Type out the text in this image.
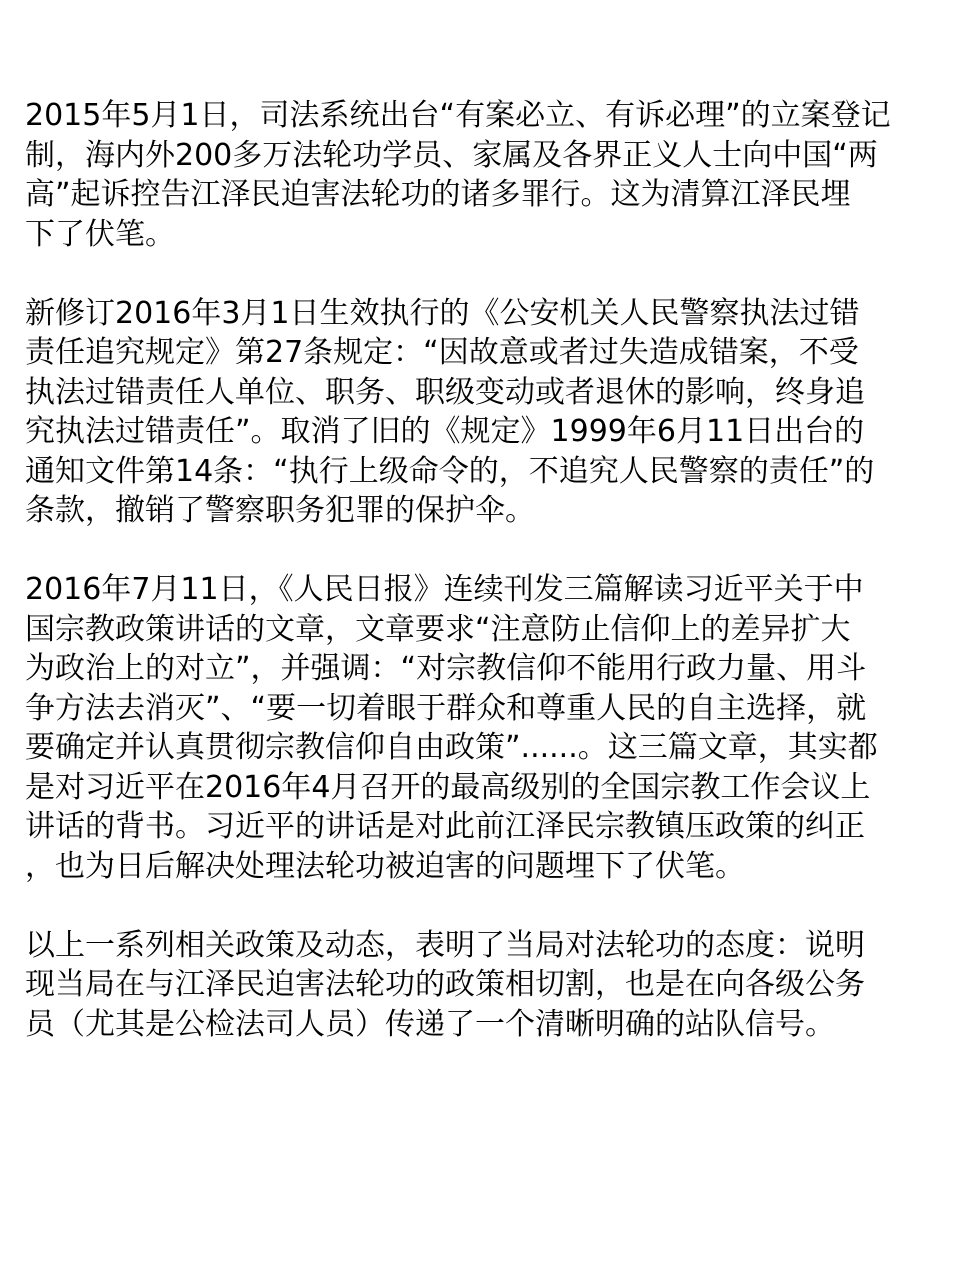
2015年5月1日，司法系统出台“有案必立、有诉必理”的立案登记
制，海内外200多万法轮功学员、家属及各界正义人士向中国“两
高”起诉控告江泽民迫害法轮功的诸多罪行。这为清算江泽民埋
下了伏笔。

新修订2016年3月1日生效执行的《公安机关人民警察执法过错
责任追究规定》第27条规定：“因故意或者过失造成错案，不受
执法过错责任人单位、职务、职级变动或者退休的影响，终身追
究执法过错责任”。取消了旧的《规定》1999年6月11日出台的
通知文件第14条：“执行上级命令的，不追究人民警察的责任”的
条款，撤销了警察职务犯罪的保护伞。

2016年7月11日，《人民日报》连续刊发三篇解读习近平关于中
国宗教政策讲话的文章，文章要求“注意防止信仰上的差异扩大
为政治上的对立”，并强调：“对宗教信仰不能用行政力量、用斗
争方法去消灭”、“要一切着眼于群众和尊重人民的自主选择，就
要确定并认真贯彻宗教信仰自由政策”......。这三篇文章，其实都
是对习近平在2016年4月召开的最高级别的全国宗教工作会议上
讲话的背书。习近平的讲话是对此前江泽民宗教镇压政策的纠正
，也为日后解决处理法轮功被迫害的问题埋下了伏笔。

以上一系列相关政策及动态，表明了当局对法轮功的态度：说明
现当局在与江泽民迫害法轮功的政策相切割，也是在向各级公务
员（尤其是公检法司人员）传递了一个清晰明确的站队信号。
